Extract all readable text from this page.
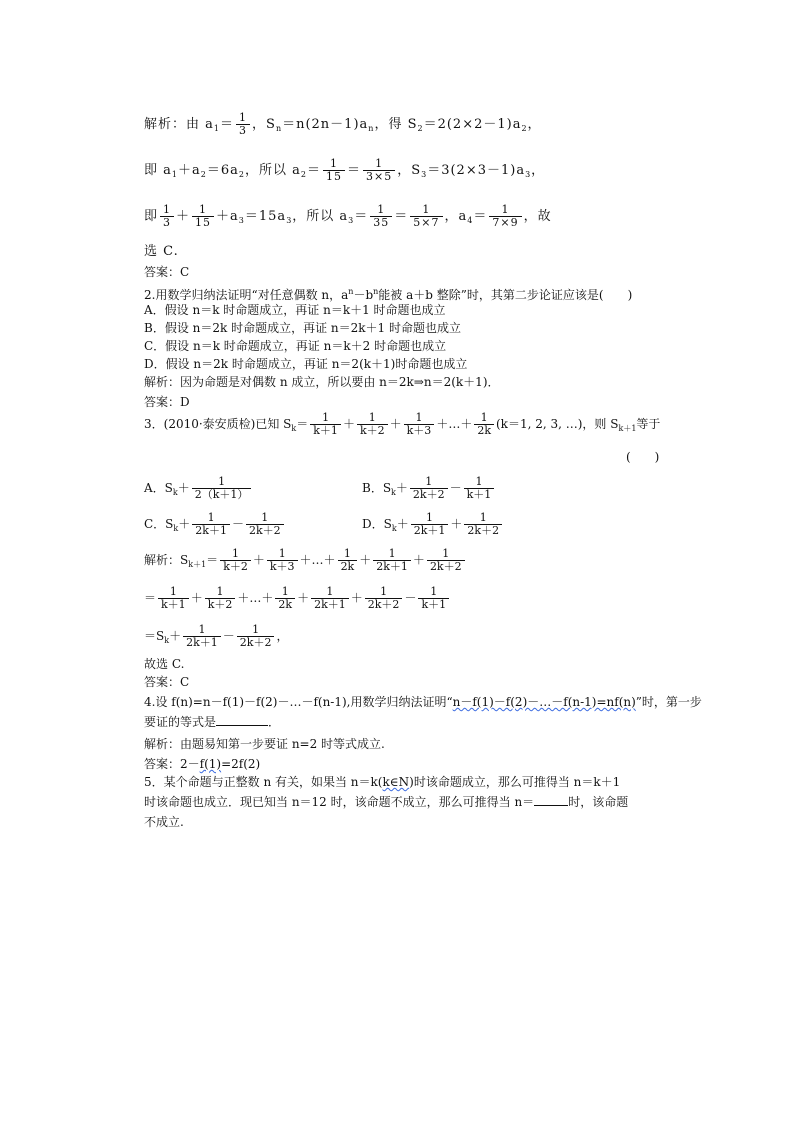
解析：由 $a_1= \frac{1}{3}$ ，$S_n=n(2n-1)a_n$，得 $S_2=2(2\times 2-1)a_2$，
即 $a_1+a_2=6a_2$，所以 $a_2= \frac{1}{15} = \frac{1}{3\times 5}$ ，$S_3=3(2\times 3-1)a_3$，
即 $\frac{1}{3} + \frac{1}{15} +a_3=15a_3$，所以 $a_3= \frac{1}{35} = \frac{1}{5\times 7}$ ，$a_4= \frac{1}{7\times 9}$ ，故
选 C.
答案：C
2.用数学归纳法证明“对任意偶数 n，$a^n-b^n$能被 a＋b 整除”时，其第二步论证应该是(　　)
A．假设 n＝k 时命题成立，再证 n＝k＋1 时命题也成立
B．假设 n＝2k 时命题成立，再证 n＝2k＋1 时命题也成立
C．假设 n＝k 时命题成立，再证 n＝k＋2 时命题也成立
D．假设 n＝2k 时命题成立，再证 n＝2(k＋1)时命题也成立
解析：因为命题是对偶数 n 成立，所以要由 n＝2k⇒n＝2(k＋1)．
答案：D
3．(2010·泰安质检)已知 $S_k= \frac{1}{k+1} + \frac{1}{k+2} + \frac{1}{k+3}$ ＋…＋ $\frac{1}{2k} (k=1$, 2, 3, …)，则 $S_{k+1}$等于
(　　)
A．$S_k+ \frac{1}{2(k+1)}$	B．$S_k+ \frac{1}{2k+2} - \frac{1}{k+1}$
C．$S_k+ \frac{1}{2k+1} - \frac{1}{2k+2}$	D．$S_k+ \frac{1}{2k+1} + \frac{1}{2k+2}$
解析：$S_{k+1}= \frac{1}{k+2} + \frac{1}{k+3}$ ＋…＋ $\frac{1}{2k} + \frac{1}{2k+1} + \frac{1}{2k+2}$
＝ $\frac{1}{k+1} + \frac{1}{k+2}$ ＋…＋ $\frac{1}{2k} + \frac{1}{2k+1} + \frac{1}{2k+2} - \frac{1}{k+1}$
$=S_k+ \frac{1}{2k+1} - \frac{1}{2k+2}$ ，
故选 C.
答案：C
4.设 f(n)=n－f(1)－f(2)－…－f(n-1),用数学归纳法证明“n－f(1)－f(2)－…－f(n-1)=nf(n)”时，第一步
要证的等式是	．
解析：由题易知第一步要证 n=2 时等式成立.
答案：2－f(1)=2f(2)
5．某个命题与正整数 n 有关，如果当 n＝k(k∈N)时该命题成立，那么可推得当 n＝k＋1
时该命题也成立．现已知当 n＝12 时，该命题不成立，那么可推得当 n＝	时，该命题
不成立.
